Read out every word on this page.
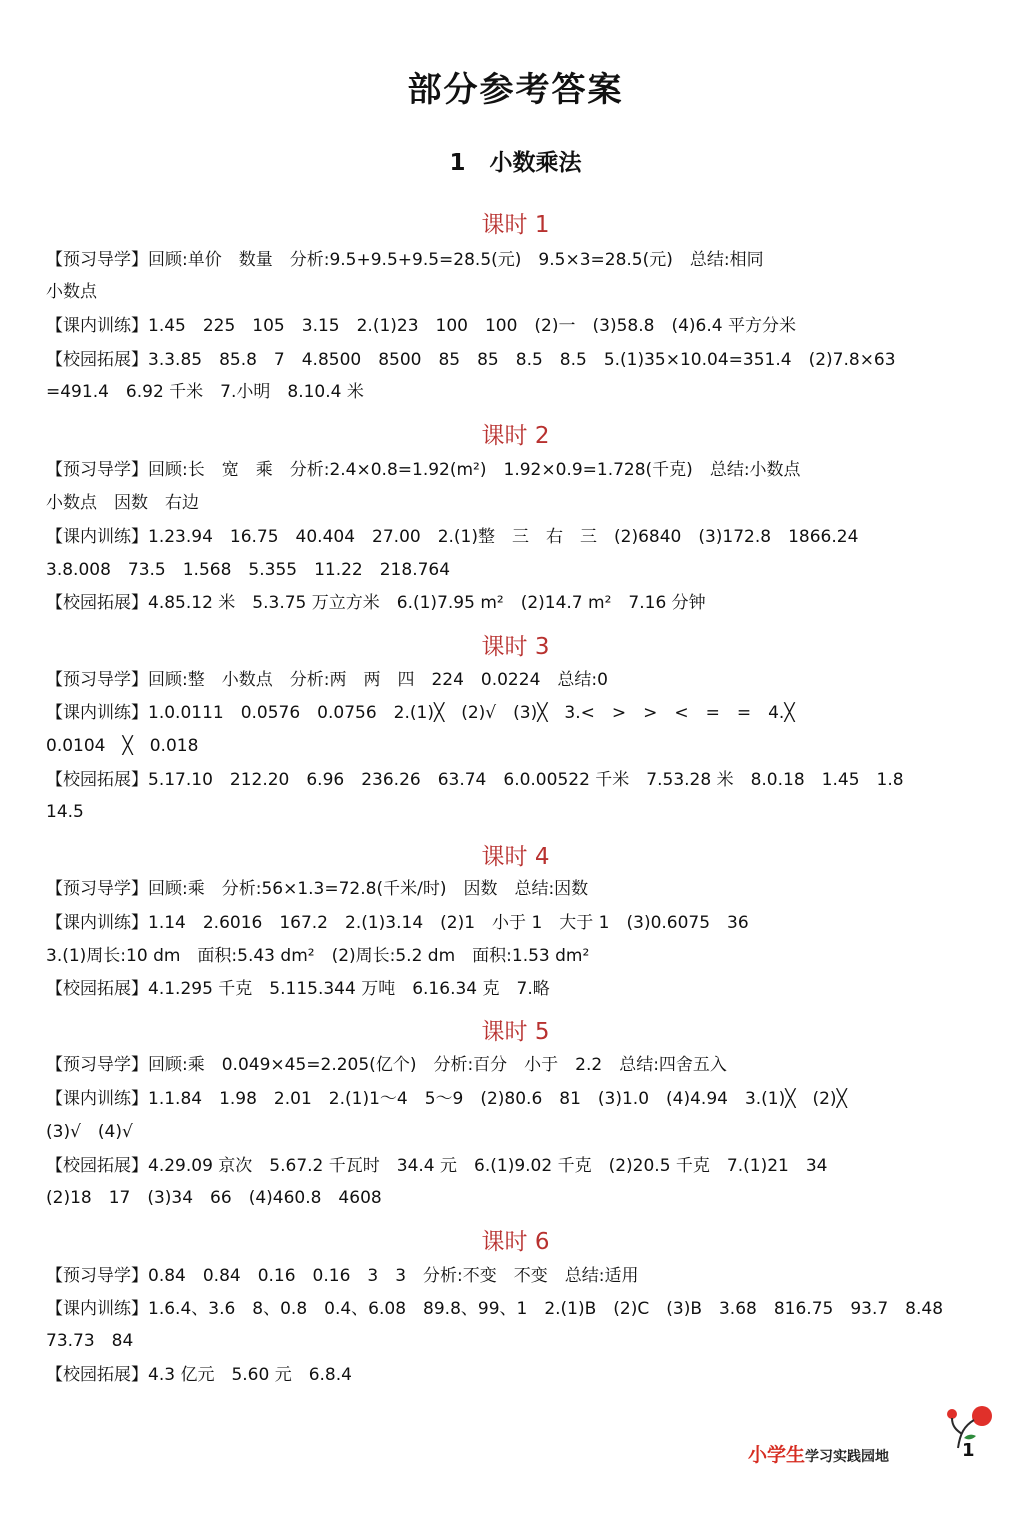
部分参考答案
1 小数乘法
课时 1
【预习导学】回顾:单价　数量　分析:9.5+9.5+9.5=28.5(元)　9.5×3=28.5(元)　总结:相同
小数点
【课内训练】1.45　225　105　3.15　2.(1)23　100　100　(2)一　(3)58.8　(4)6.4 平方分米
【校园拓展】3.3.85　85.8　7　4.8500　8500　85　85　8.5　8.5　5.(1)35×10.04=351.4　(2)7.8×63
=491.4　6.92 千米　7.小明　8.10.4 米
课时 2
【预习导学】回顾:长　宽　乘　分析:2.4×0.8=1.92(m²)　1.92×0.9=1.728(千克)　总结:小数点
小数点　因数　右边
【课内训练】1.23.94　16.75　40.404　27.00　2.(1)整　三　右　三　(2)6840　(3)172.8　1866.24
3.8.008　73.5　1.568　5.355　11.22　218.764
【校园拓展】4.85.12 米　5.3.75 万立方米　6.(1)7.95 m²　(2)14.7 m²　7.16 分钟
课时 3
【预习导学】回顾:整　小数点　分析:两　两　四　224　0.0224　总结:0
【课内训练】1.0.0111　0.0576　0.0756　2.(1)╳　(2)√　(3)╳　3.<　>　>　<　=　=　4.╳
0.0104　╳　0.018
【校园拓展】5.17.10　212.20　6.96　236.26　63.74　6.0.00522 千米　7.53.28 米　8.0.18　1.45　1.8
14.5
课时 4
【预习导学】回顾:乘　分析:56×1.3=72.8(千米/时)　因数　总结:因数
【课内训练】1.14　2.6016　167.2　2.(1)3.14　(2)1　小于 1　大于 1　(3)0.6075　36
3.(1)周长:10 dm　面积:5.43 dm²　(2)周长:5.2 dm　面积:1.53 dm²
【校园拓展】4.1.295 千克　5.115.344 万吨　6.16.34 克　7.略
课时 5
【预习导学】回顾:乘　0.049×45=2.205(亿个)　分析:百分　小于　2.2　总结:四舍五入
【课内训练】1.1.84　1.98　2.01　2.(1)1～4　5～9　(2)80.6　81　(3)1.0　(4)4.94　3.(1)╳　(2)╳
(3)√　(4)√
【校园拓展】4.29.09 京次　5.67.2 千瓦时　34.4 元　6.(1)9.02 千克　(2)20.5 千克　7.(1)21　34
(2)18　17　(3)34　66　(4)460.8　4608
课时 6
【预习导学】0.84　0.84　0.16　0.16　3　3　分析:不变　不变　总结:适用
【课内训练】1.6.4、3.6　8、0.8　0.4、6.08　89.8、99、1　2.(1)B　(2)C　(3)B　3.68　816.75　93.7　8.48
73.73　84
【校园拓展】4.3 亿元　5.60 元　6.8.4
小学生学习实践园地	1
